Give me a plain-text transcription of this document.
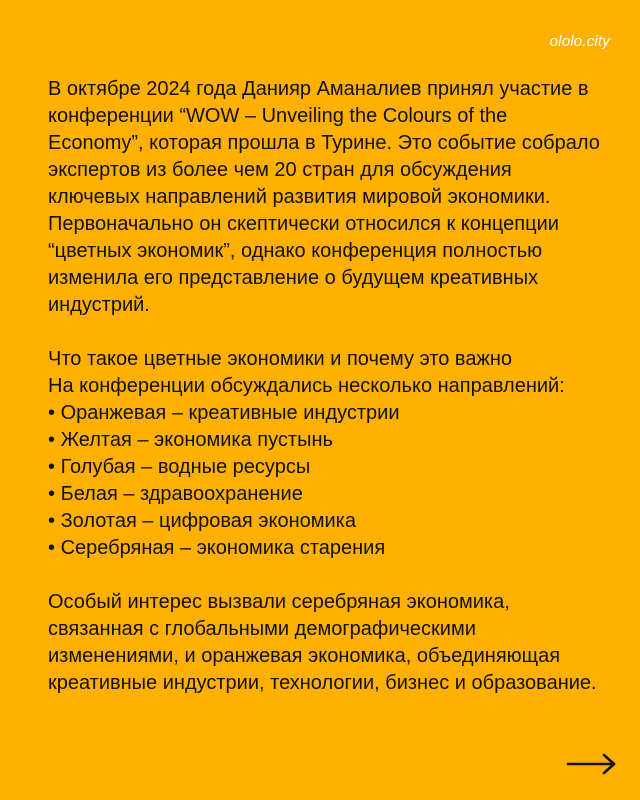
ololo.city

В октябре 2024 года Данияр Аманалиев принял участие в конференции “WOW – Unveiling the Colours of the Economy”, которая прошла в Турине. Это событие собрало экспертов из более чем 20 стран для обсуждения ключевых направлений развития мировой экономики. Первоначально он скептически относился к концепции “цветных экономик”, однако конференция полностью изменила его представление о будущем креативных индустрий.

Что такое цветные экономики и почему это важно

На конференции обсуждались несколько направлений:

• Оранжевая – креативные индустрии
• Желтая – экономика пустынь
• Голубая – водные ресурсы
• Белая – здравоохранение
• Золотая – цифровая экономика
• Серебряная – экономика старения

Особый интерес вызвали серебряная экономика, связанная с глобальными демографическими изменениями, и оранжевая экономика, объединяющая креативные индустрии, технологии, бизнес и образование.
